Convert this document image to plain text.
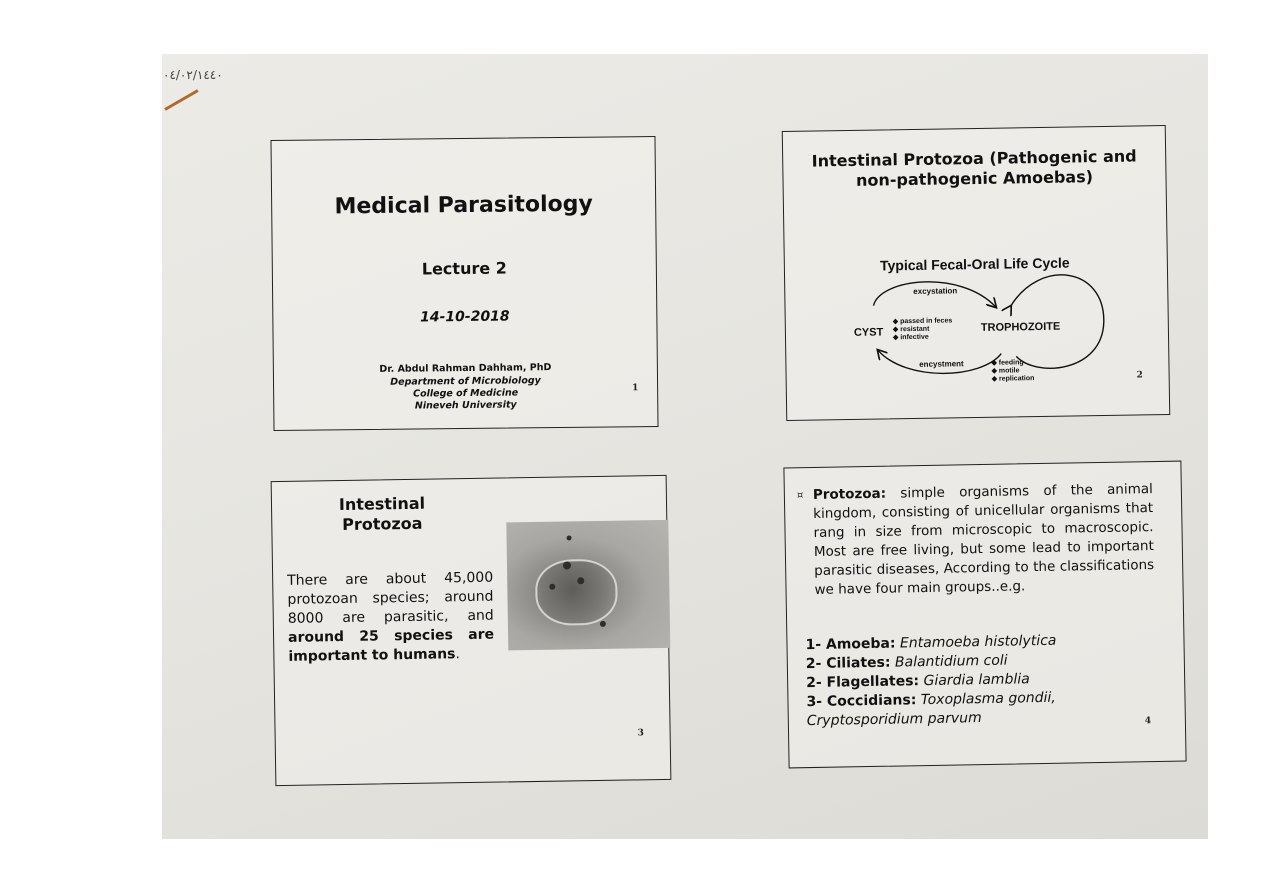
٠٤/٠٢/١٤٤٠
Medical Parasitology
Lecture 2
14-10-2018
Dr. Abdul Rahman Dahham, PhD
Department of Microbiology
College of Medicine
Nineveh University
1
Intestinal Protozoa (Pathogenic and
non-pathogenic Amoebas)
Typical Fecal-Oral Life Cycle
excystation
encystment
CYST	TROPHOZOITE
◆ passed in feces
◆ resistant
◆ infective
◆ feeding
◆ motile
◆ replication	2
Intestinal
Protozoa
There are about 45,000 protozoan species; around 8000 are parasitic, and around 25 species are important to humans.
3
¤ Protozoa: simple organisms of the animal kingdom, consisting of unicellular organisms that rang in size from microscopic to macroscopic. Most are free living, but some lead to important parasitic diseases, According to the classifications we have four main groups..e.g.
1- Amoeba: Entamoeba histolytica
2- Ciliates: Balantidium coli
2- Flagellates: Giardia lamblia
3- Coccidians: Toxoplasma gondii,
Cryptosporidium parvum	4
